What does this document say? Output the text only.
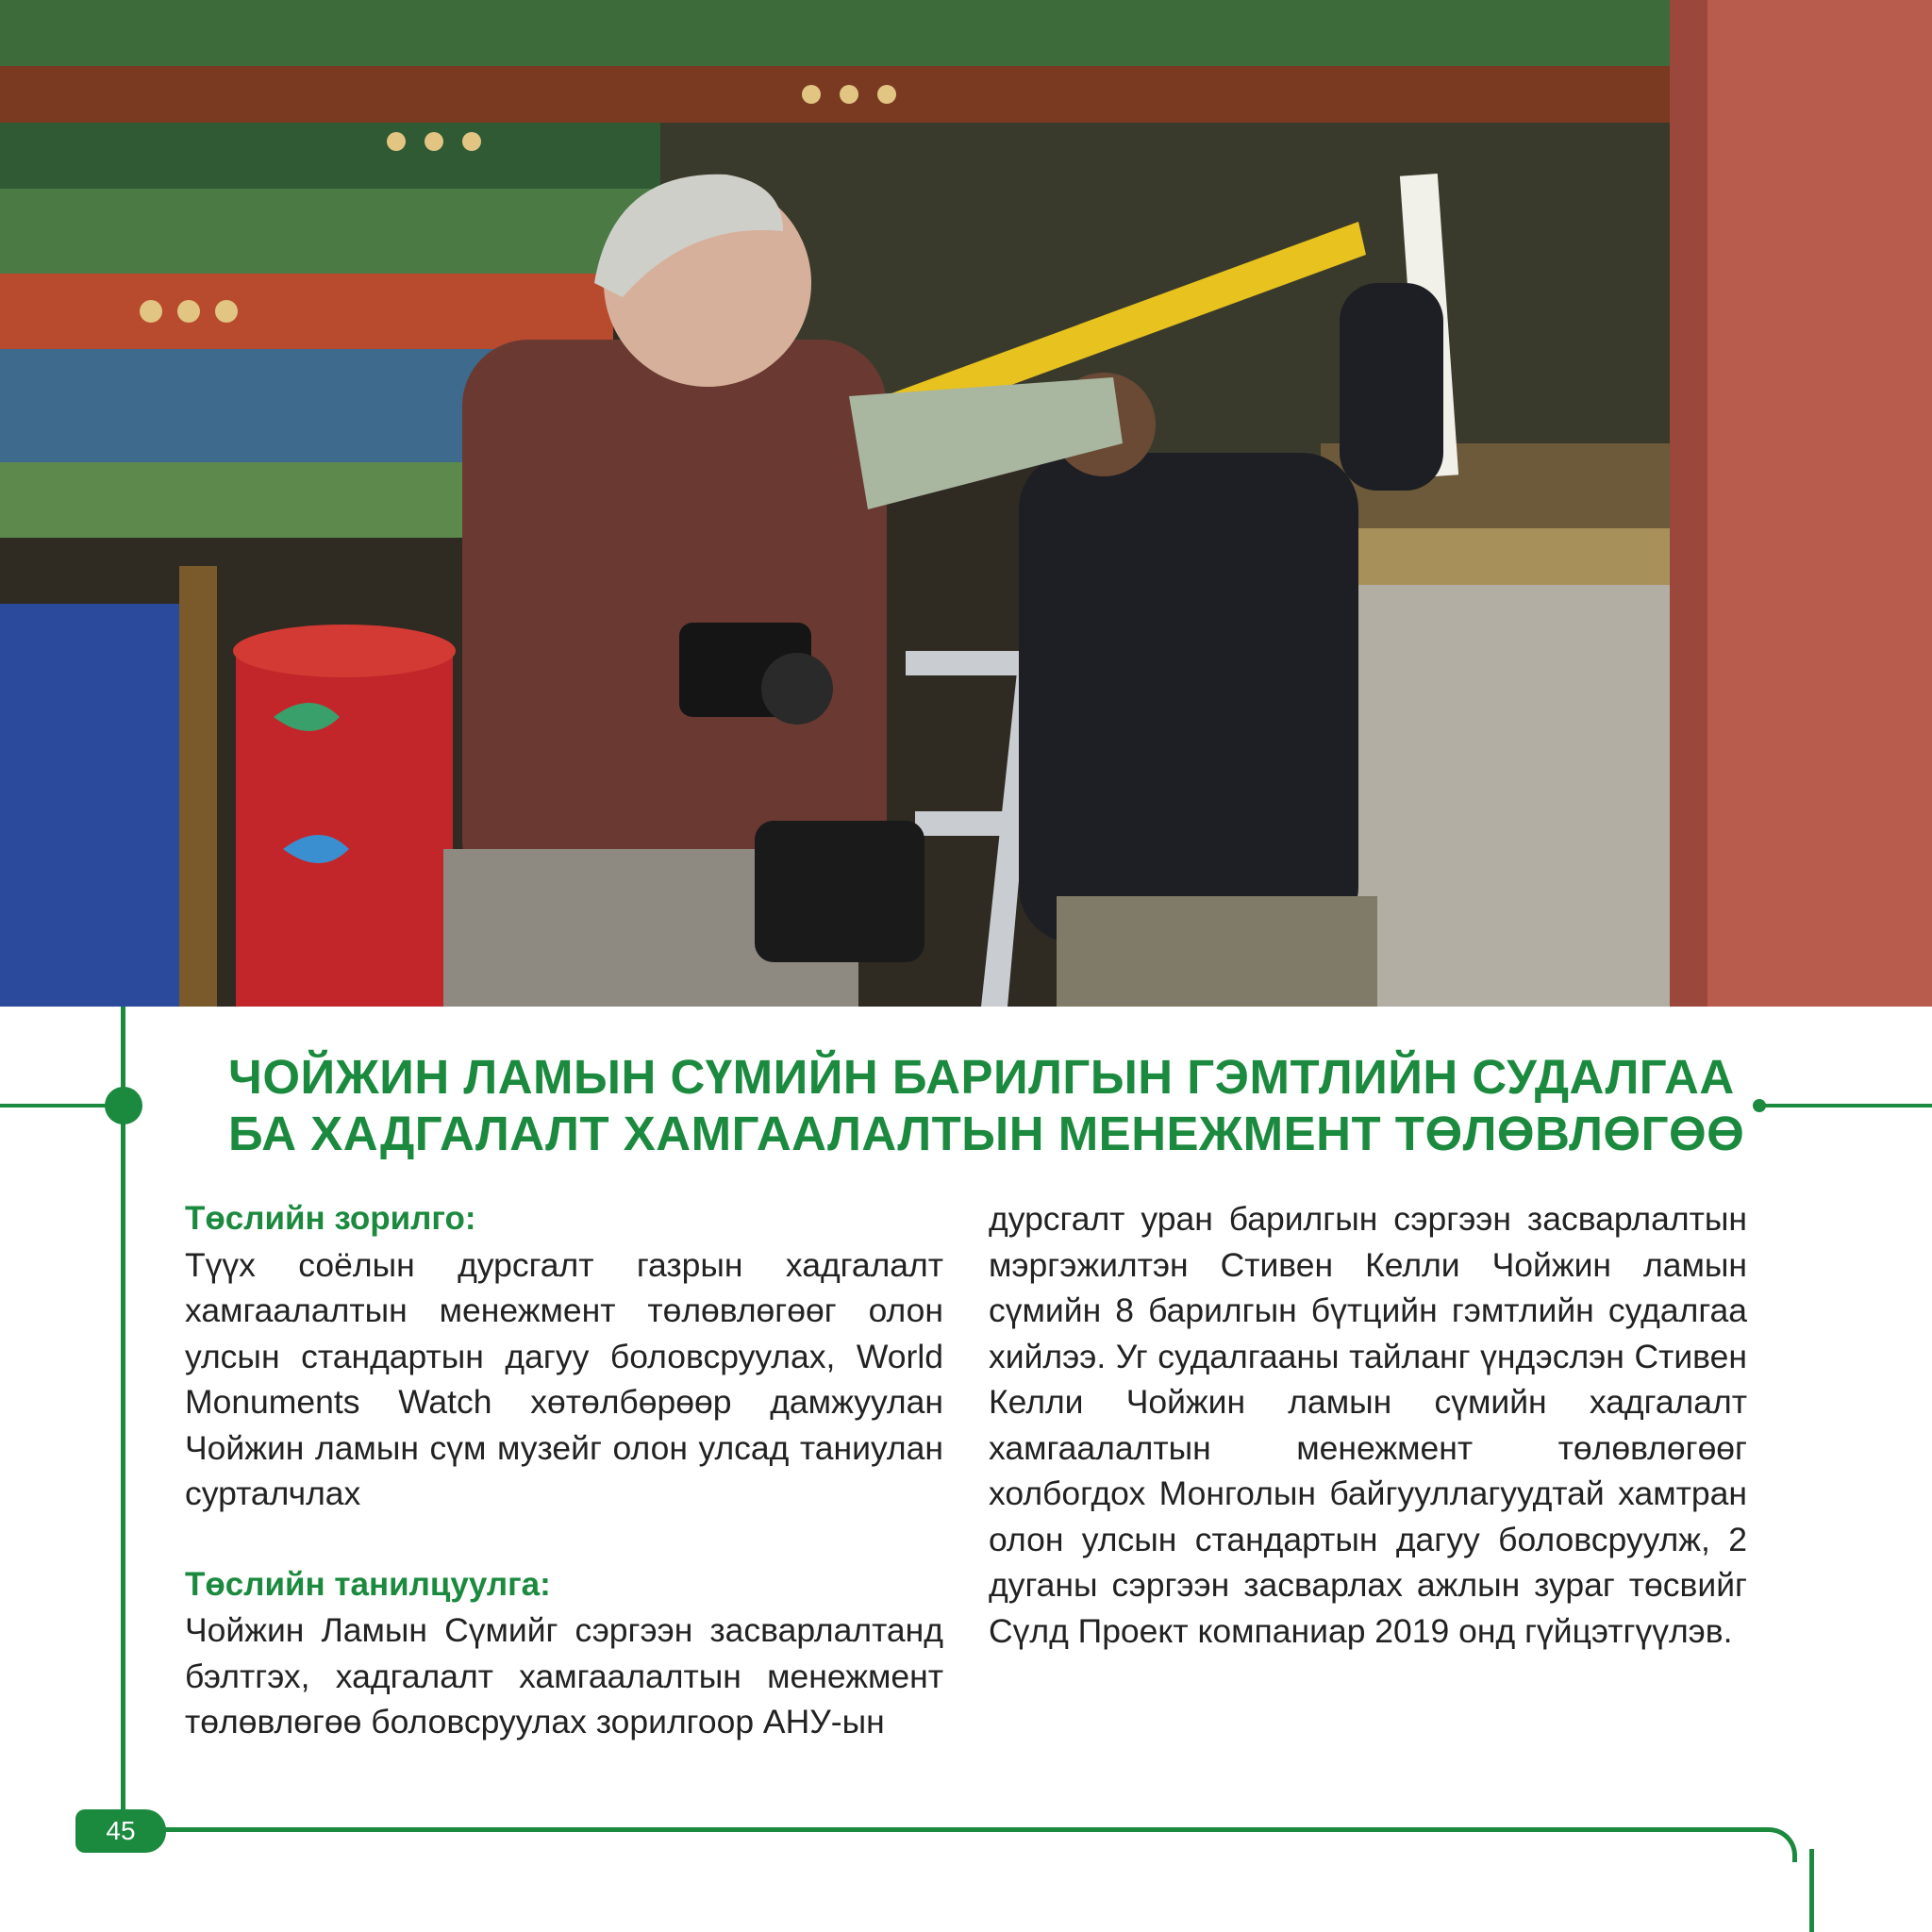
ЧОЙЖИН ЛАМЫН СҮМИЙН БАРИЛГЫН ГЭМТЛИЙН СУДАЛГАА
БА ХАДГАЛАЛТ ХАМГААЛАЛТЫН МЕНЕЖМЕНТ ТӨЛӨВЛӨГӨӨ
Төслийн зорилго:

Түүх соёлын дурсгалт газрын хадгалалт хамгаалалтын менежмент төлөвлөгөөг олон улсын стандартын дагуу боловсруулах, World Monuments Watch хөтөлбөрөөр дамжуулан Чойжин ламын сүм музейг олон улсад таниулан сурталчлах

Төслийн танилцуулга:

Чойжин Ламын Сүмийг сэргээн засварлалтанд бэлтгэх, хадгалалт хамгаалалтын менежмент төлөвлөгөө боловсруулах зорилгоор АНУ-ын

дурсгалт уран барилгын сэргээн засварлалтын мэргэжилтэн Стивен Келли Чойжин ламын сүмийн 8 барилгын бүтцийн гэмтлийн судалгаа хийлээ. Уг судалгааны тайланг үндэслэн Стивен Келли Чойжин ламын сүмийн хадгалалт хамгаалалтын менежмент төлөвлөгөөг холбогдох Монголын байгууллагуудтай хамтран олон улсын стандартын дагуу боловсруулж, 2 дуганы сэргээн засварлах ажлын зураг төсвийг Сүлд Проект компаниар 2019 онд гүйцэтгүүлэв.

45
